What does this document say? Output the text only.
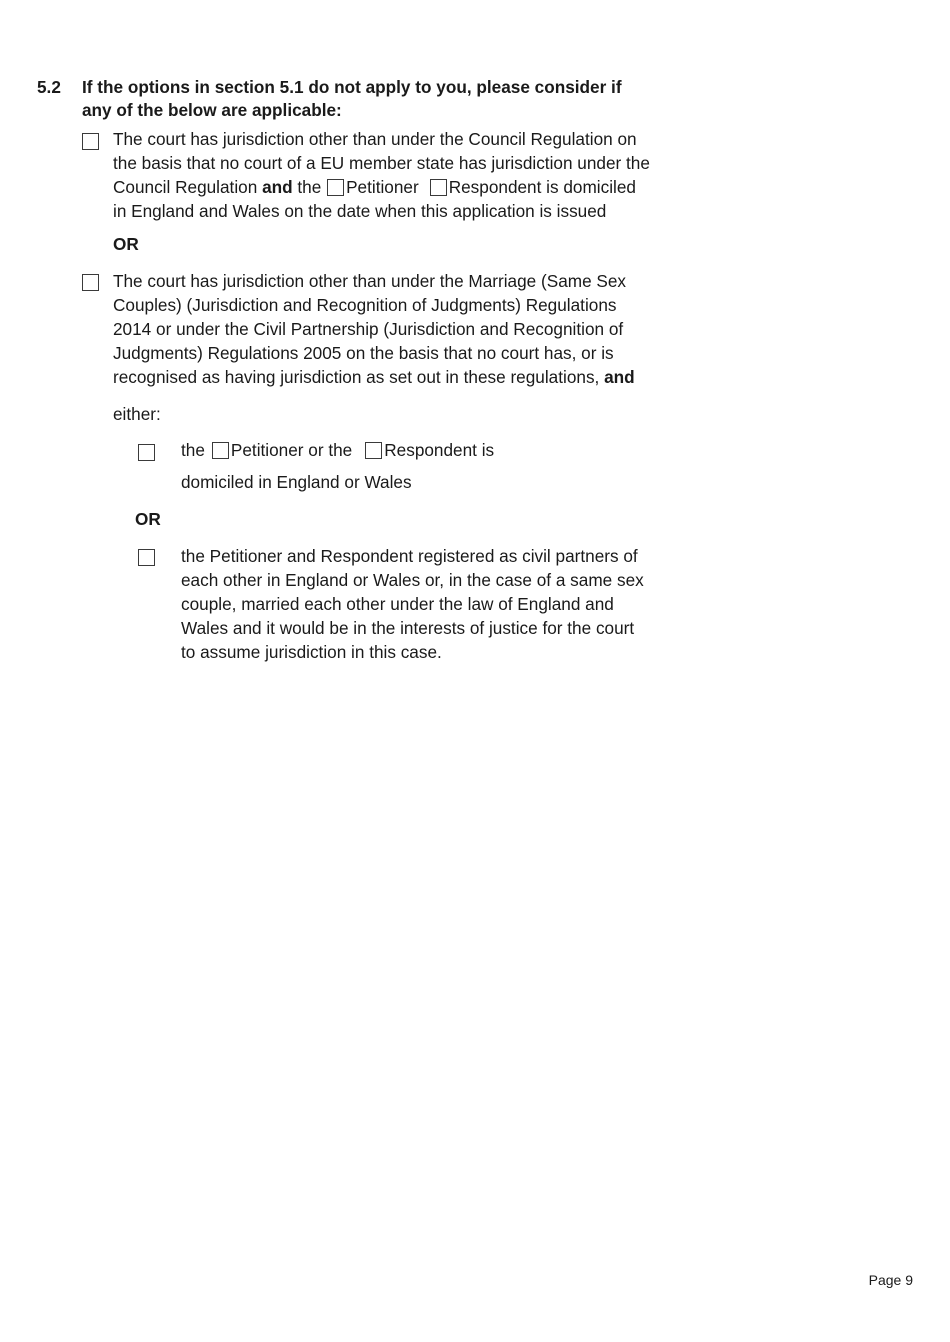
5.2 If the options in section 5.1 do not apply to you, please consider if
any of the below are applicable:
The court has jurisdiction other than under the Council Regulation on
the basis that no court of a EU member state has jurisdiction under the
Council Regulation and the Petitioner Respondent is domiciled
in England and Wales on the date when this application is issued
OR
The court has jurisdiction other than under the Marriage (Same Sex
Couples) (Jurisdiction and Recognition of Judgments) Regulations
2014 or under the Civil Partnership (Jurisdiction and Recognition of
Judgments) Regulations 2005 on the basis that no court has, or is
recognised as having jurisdiction as set out in these regulations, and
either:
the Petitioner or the Respondent is
domiciled in England or Wales
OR
the Petitioner and Respondent registered as civil partners of
each other in England or Wales or, in the case of a same sex
couple, married each other under the law of England and
Wales and it would be in the interests of justice for the court
to assume jurisdiction in this case.
Page 9
